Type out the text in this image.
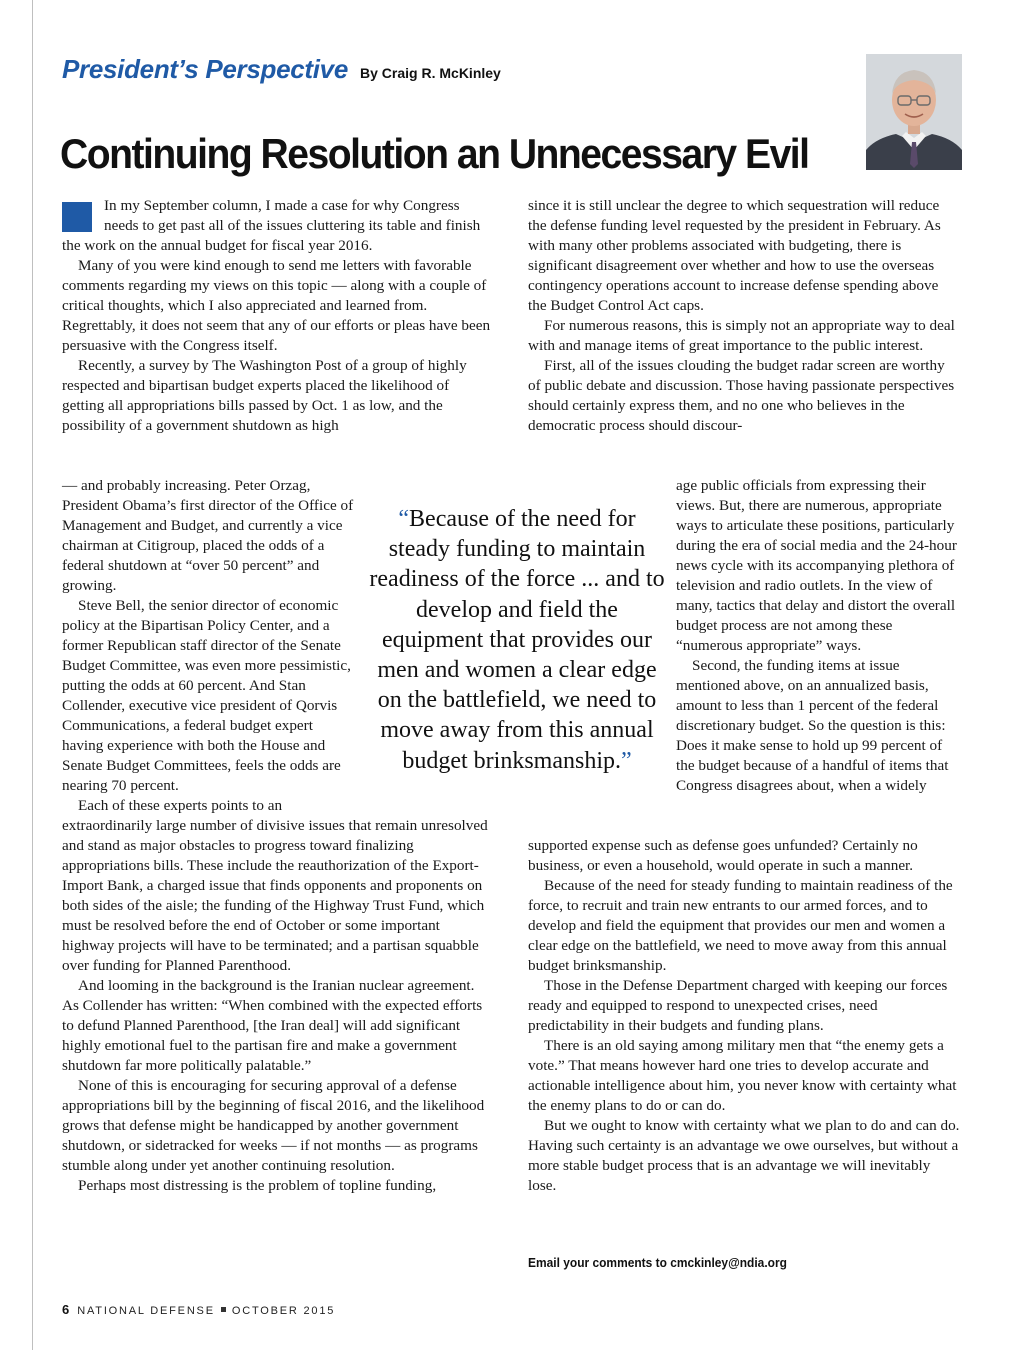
President’s Perspective By Craig R. McKinley
Continuing Resolution an Unnecessary Evil

In my September column, I made a case for why Congress needs to get past all of the issues cluttering its table and finish the work on the annual budget for fiscal year 2016.

Many of you were kind enough to send me letters with favorable comments regarding my views on this topic — along with a couple of critical thoughts, which I also appreciated and learned from. Regrettably, it does not seem that any of our efforts or pleas have been persuasive with the Congress itself.

Recently, a survey by The Washington Post of a group of highly respected and bipartisan budget experts placed the likelihood of getting all appropriations bills passed by Oct. 1 as low, and the possibility of a government shutdown as high

— and probably increasing. Peter Orzag, President Obama’s first director of the Office of Management and Budget, and currently a vice chairman at Citigroup, placed the odds of a federal shutdown at “over 50 percent” and growing.

Steve Bell, the senior director of economic policy at the Bipartisan Policy Center, and a former Republican staff director of the Senate Budget Committee, was even more pessimistic, putting the odds at 60 percent. And Stan Collender, executive vice president of Qorvis Communications, a federal budget expert having experience with both the House and Senate Budget Committees, feels the odds are nearing 70 percent.

Each of these experts points to an

extraordinarily large number of divisive issues that remain unresolved and stand as major obstacles to progress toward finalizing appropriations bills. These include the reauthorization of the Export-Import Bank, a charged issue that finds opponents and proponents on both sides of the aisle; the funding of the Highway Trust Fund, which must be resolved before the end of October or some important highway projects will have to be terminated; and a partisan squabble over funding for Planned Parenthood.

And looming in the background is the Iranian nuclear agreement. As Collender has written: “When combined with the expected efforts to defund Planned Parenthood, [the Iran deal] will add significant highly emotional fuel to the partisan fire and make a government shutdown far more politically palatable.”

None of this is encouraging for securing approval of a defense appropriations bill by the beginning of fiscal 2016, and the likelihood grows that defense might be handicapped by another government shutdown, or sidetracked for weeks — if not months — as programs stumble along under yet another continuing resolution.

Perhaps most distressing is the problem of topline funding,

since it is still unclear the degree to which sequestration will reduce the defense funding level requested by the president in February. As with many other problems associated with budgeting, there is significant disagreement over whether and how to use the overseas contingency operations account to increase defense spending above the Budget Control Act caps.

For numerous reasons, this is simply not an appropriate way to deal with and manage items of great importance to the public interest.

First, all of the issues clouding the budget radar screen are worthy of public debate and discussion. Those having passionate perspectives should certainly express them, and no one who believes in the democratic process should discour-

age public officials from expressing their views. But, there are numerous, appropriate ways to articulate these positions, particularly during the era of social media and the 24-hour news cycle with its accompanying plethora of television and radio outlets. In the view of many, tactics that delay and distort the overall budget process are not among these “numerous appropriate” ways.

Second, the funding items at issue mentioned above, on an annualized basis, amount to less than 1 percent of the federal discretionary budget. So the question is this: Does it make sense to hold up 99 percent of the budget because of a handful of items that Congress disagrees about, when a widely

supported expense such as defense goes unfunded? Certainly no business, or even a household, would operate in such a manner.

Because of the need for steady funding to maintain readiness of the force, to recruit and train new entrants to our armed forces, and to develop and field the equipment that provides our men and women a clear edge on the battlefield, we need to move away from this annual budget brinksmanship.

Those in the Defense Department charged with keeping our forces ready and equipped to respond to unexpected crises, need predictability in their budgets and funding plans.

There is an old saying among military men that “the enemy gets a vote.” That means however hard one tries to develop accurate and actionable intelligence about him, you never know with certainty what the enemy plans to do or can do.

But we ought to know with certainty what we plan to do and can do. Having such certainty is an advantage we owe ourselves, but without a more stable budget process that is an advantage we will inevitably lose.

“Because of the need for steady funding to maintain readiness of the force ... and to develop and field the equipment that provides our men and women a clear edge on the battlefield, we need to move away from this annual budget brinksmanship.”
Email your comments to cmckinley@ndia.org
6 NATIONAL DEFENSE OCTOBER 2015
